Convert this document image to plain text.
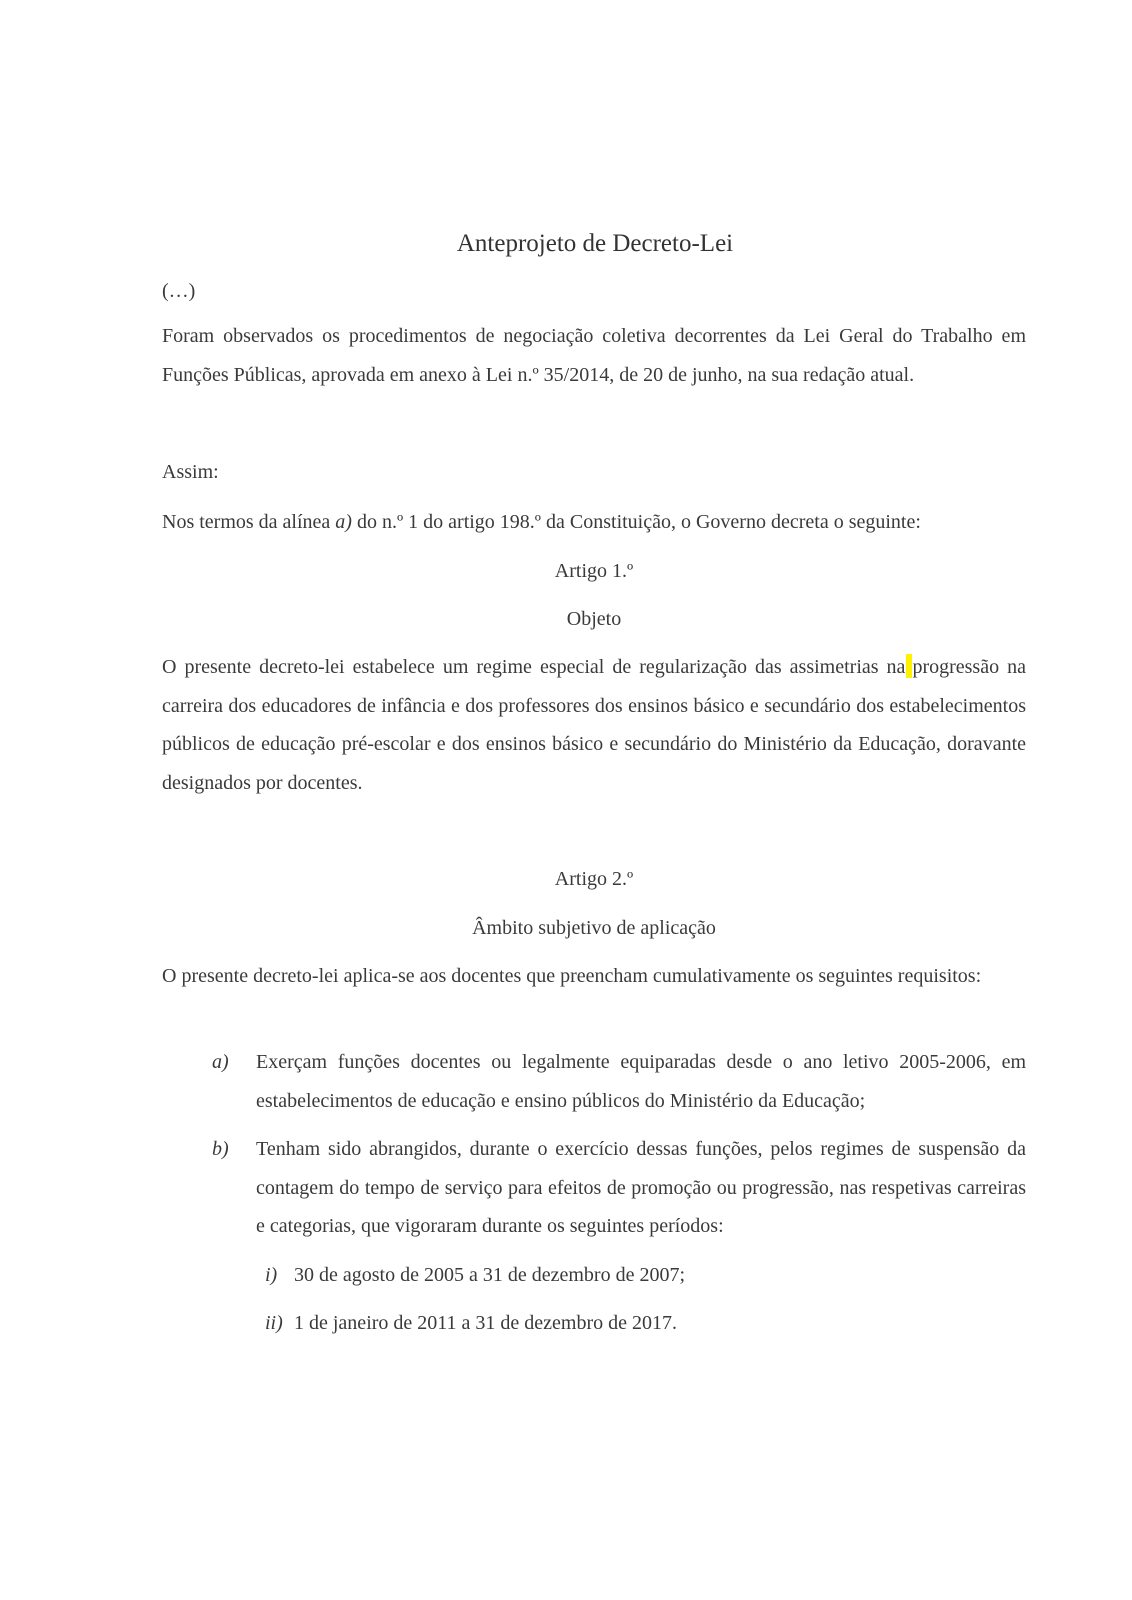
Anteprojeto de Decreto-Lei
(…)

Foram observados os procedimentos de negociação coletiva decorrentes da Lei Geral do Trabalho em Funções Públicas, aprovada em anexo à Lei n.º 35/2014, de 20 de junho, na sua redação atual.

Assim:

Nos termos da alínea a) do n.º 1 do artigo 198.º da Constituição, o Governo decreta o seguinte:

Artigo 1.º
Objeto

O presente decreto-lei estabelece um regime especial de regularização das assimetrias na progressão na carreira dos educadores de infância e dos professores dos ensinos básico e secundário dos estabelecimentos públicos de educação pré-escolar e dos ensinos básico e secundário do Ministério da Educação, doravante designados por docentes.

Artigo 2.º
Âmbito subjetivo de aplicação

O presente decreto-lei aplica-se aos docentes que preencham cumulativamente os seguintes requisitos:

a) Exerçam funções docentes ou legalmente equiparadas desde o ano letivo 2005-2006, em estabelecimentos de educação e ensino públicos do Ministério da Educação;
b) Tenham sido abrangidos, durante o exercício dessas funções, pelos regimes de suspensão da contagem do tempo de serviço para efeitos de promoção ou progressão, nas respetivas carreiras e categorias, que vigoraram durante os seguintes períodos:
i) 30 de agosto de 2005 a 31 de dezembro de 2007;
ii) 1 de janeiro de 2011 a 31 de dezembro de 2017.
